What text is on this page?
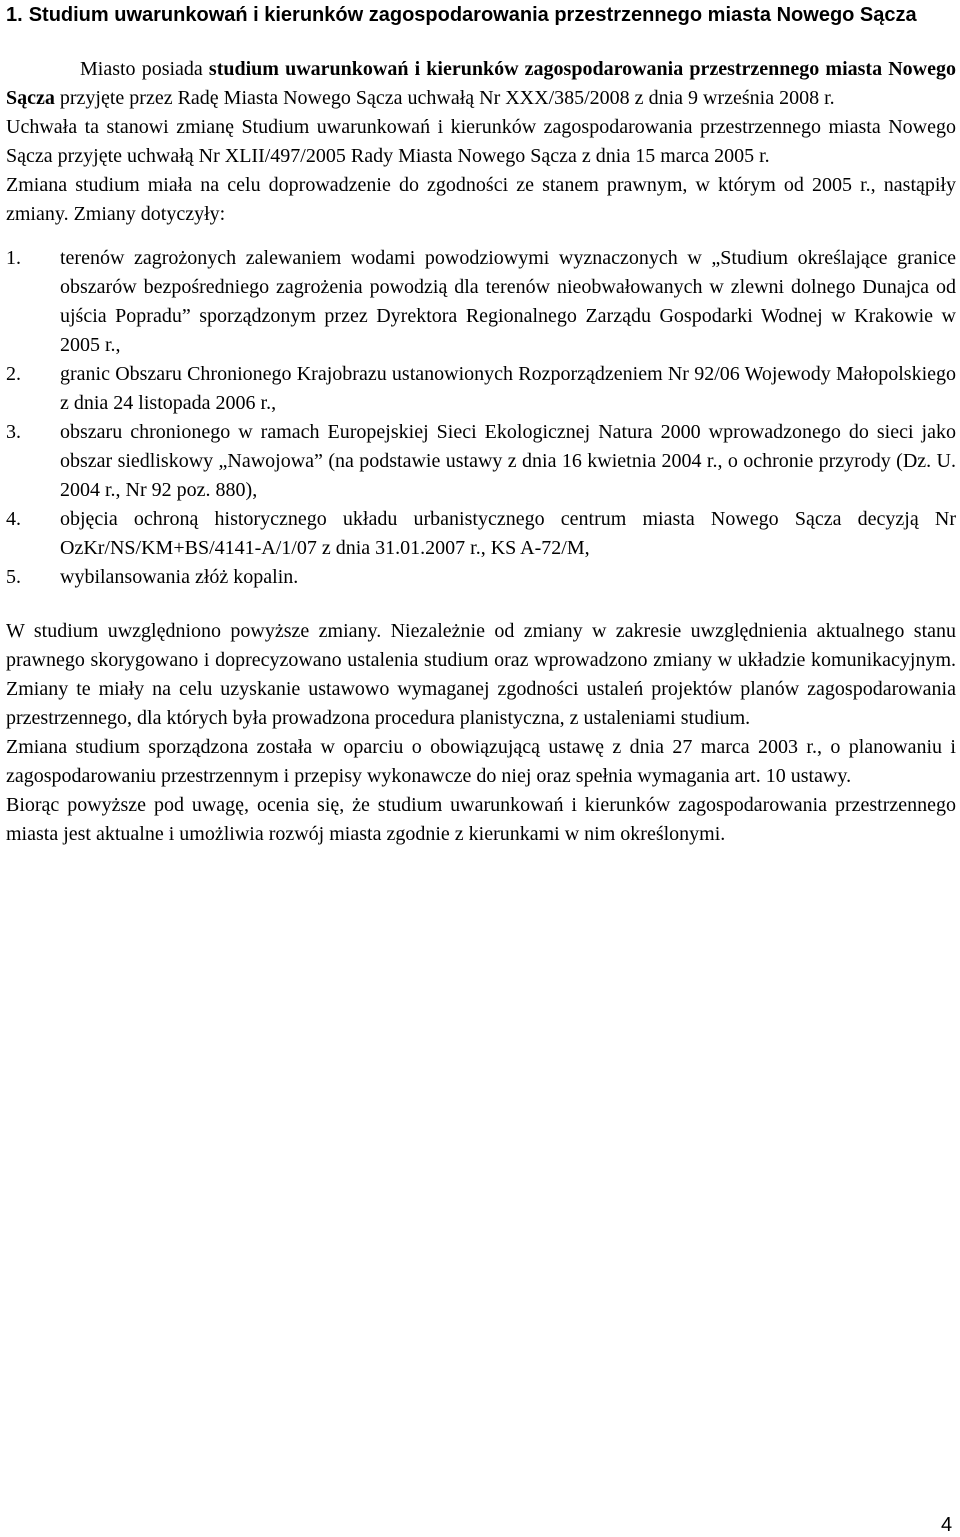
1. Studium uwarunkowań i kierunków zagospodarowania przestrzennego miasta Nowego Sącza

Miasto posiada studium uwarunkowań i kierunków zagospodarowania przestrzennego miasta Nowego Sącza przyjęte przez Radę Miasta Nowego Sącza uchwałą Nr XXX/385/2008 z dnia 9 września 2008 r.

Uchwała ta stanowi zmianę Studium uwarunkowań i kierunków zagospodarowania przestrzennego miasta Nowego Sącza przyjęte uchwałą Nr XLII/497/2005 Rady Miasta Nowego Sącza z dnia 15 marca 2005 r.

Zmiana studium miała na celu doprowadzenie do zgodności ze stanem prawnym, w którym od 2005 r., nastąpiły zmiany. Zmiany dotyczyły:

1.	terenów zagrożonych zalewaniem wodami powodziowymi wyznaczonych w „Studium określające granice obszarów bezpośredniego zagrożenia powodzią dla terenów nieobwałowanych w zlewni dolnego Dunajca od ujścia Popradu” sporządzonym przez Dyrektora Regionalnego Zarządu Gospodarki Wodnej w Krakowie w 2005 r.,
2.	granic Obszaru Chronionego Krajobrazu ustanowionych Rozporządzeniem Nr 92/06 Wojewody Małopolskiego z dnia 24 listopada 2006 r.,
3.	obszaru chronionego w ramach Europejskiej Sieci Ekologicznej Natura 2000 wprowadzonego do sieci jako obszar siedliskowy „Nawojowa” (na podstawie ustawy z dnia 16 kwietnia 2004 r., o ochronie przyrody (Dz. U. 2004 r., Nr 92 poz. 880),
4.	objęcia ochroną historycznego układu urbanistycznego centrum miasta Nowego Sącza decyzją Nr OzKr/NS/KM+BS/4141-A/1/07 z dnia 31.01.2007 r., KS A-72/M,
5.	wybilansowania złóż kopalin.

W studium uwzględniono powyższe zmiany. Niezależnie od zmiany w zakresie uwzględnienia aktualnego stanu prawnego skorygowano i doprecyzowano ustalenia studium oraz wprowadzono zmiany w układzie komunikacyjnym. Zmiany te miały na celu uzyskanie ustawowo wymaganej zgodności ustaleń projektów planów zagospodarowania przestrzennego, dla których była prowadzona procedura planistyczna, z ustaleniami studium.

Zmiana studium sporządzona została w oparciu o obowiązującą ustawę z dnia 27 marca 2003 r., o planowaniu i zagospodarowaniu przestrzennym i przepisy wykonawcze do niej oraz spełnia wymagania art. 10 ustawy.

Biorąc powyższe pod uwagę, ocenia się, że studium uwarunkowań i kierunków zagospodarowania przestrzennego miasta jest aktualne i umożliwia rozwój miasta zgodnie z kierunkami w nim określonymi.

4
